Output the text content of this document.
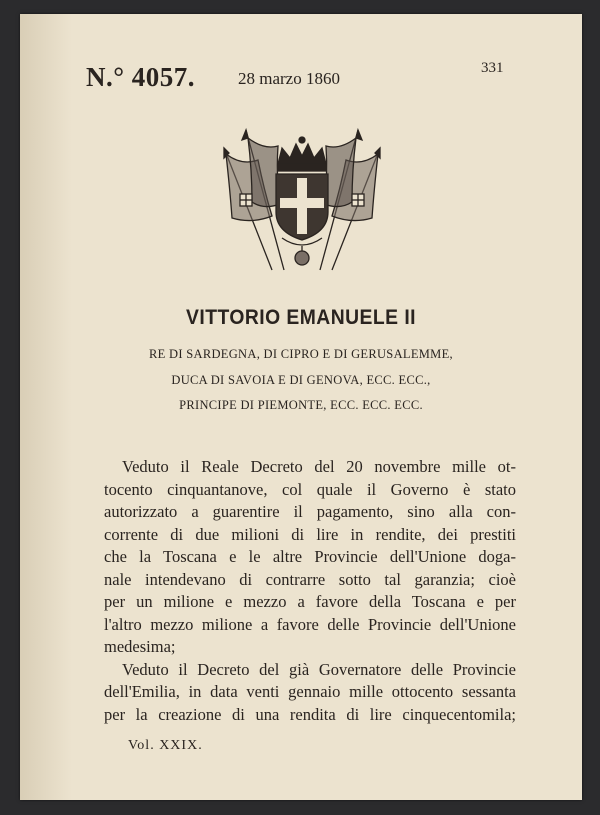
N.° 4057.	28 marzo 1860
331
VITTORIO EMANUELE II
RE DI SARDEGNA, DI CIPRO E DI GERUSALEMME,
DUCA DI SAVOIA E DI GENOVA, ECC. ECC.,
PRINCIPE DI PIEMONTE, ECC. ECC. ECC.
Veduto il Reale Decreto del 20 novembre mille ot-
tocento cinquantanove, col quale il Governo è stato
autorizzato a guarentire il pagamento, sino alla con-
corrente di due milioni di lire in rendite, dei prestiti
che la Toscana e le altre Provincie dell'Unione doga-
nale intendevano di contrarre sotto tal garanzia; cioè
per un milione e mezzo a favore della Toscana e per
l'altro mezzo milione a favore delle Provincie dell'Unione
medesima;
Veduto il Decreto del già Governatore delle Provincie
dell'Emilia, in data venti gennaio mille ottocento sessanta
per la creazione di una rendita di lire cinquecentomila;
Vol. XXIX.
